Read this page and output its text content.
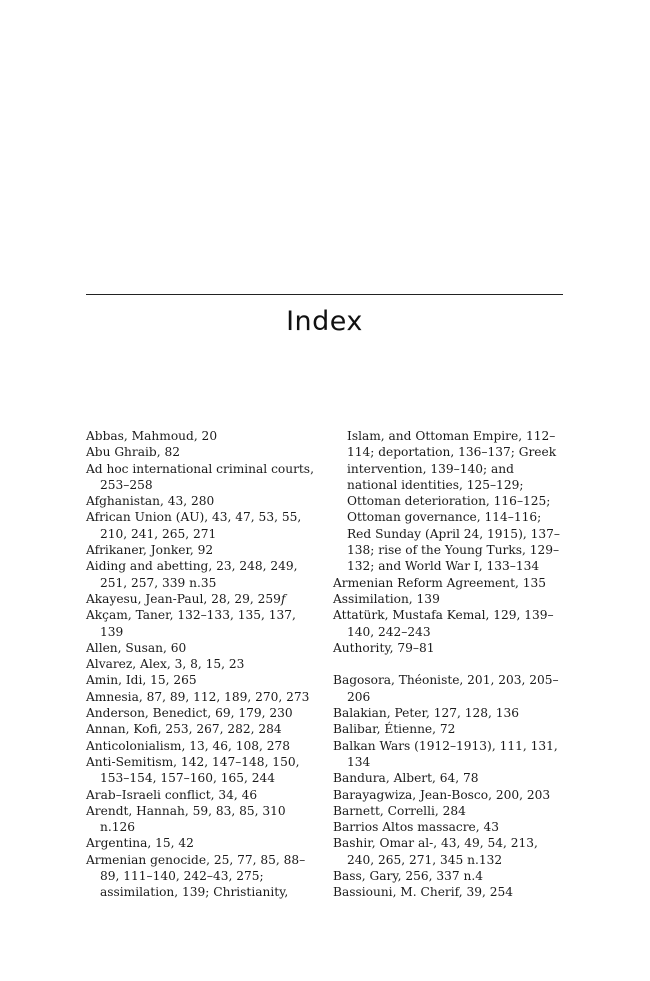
Index

Abbas, Mahmoud, 20

Abu Ghraib, 82

Ad hoc international criminal courts, 253–258

Afghanistan, 43, 280

African Union (AU), 43, 47, 53, 55, 210, 241, 265, 271

Afrikaner, Jonker, 92

Aiding and abetting, 23, 248, 249, 251, 257, 339 n.35

Akayesu, Jean-Paul, 28, 29, 259f

Akçam, Taner, 132–133, 135, 137, 139

Allen, Susan, 60

Alvarez, Alex, 3, 8, 15, 23

Amin, Idi, 15, 265

Amnesia, 87, 89, 112, 189, 270, 273

Anderson, Benedict, 69, 179, 230

Annan, Kofi, 253, 267, 282, 284

Anticolonialism, 13, 46, 108, 278

Anti-Semitism, 142, 147–148, 150, 153–154, 157–160, 165, 244

Arab–Israeli conflict, 34, 46

Arendt, Hannah, 59, 83, 85, 310 n.126

Argentina, 15, 42

Armenian genocide, 25, 77, 85, 88–89, 111–140, 242–43, 275; assimilation, 139; Christianity,

Islam, and Ottoman Empire, 112–114; deportation, 136–137; Greek intervention, 139–140; and national identities, 125–129; Ottoman deterioration, 116–125; Ottoman governance, 114–116; Red Sunday (April 24, 1915), 137–138; rise of the Young Turks, 129–132; and World War I, 133–134

Armenian Reform Agreement, 135

Assimilation, 139

Attatürk, Mustafa Kemal, 129, 139–140, 242–243

Authority, 79–81

Bagosora, Théoniste, 201, 203, 205–206

Balakian, Peter, 127, 128, 136

Balibar, Étienne, 72

Balkan Wars (1912–1913), 111, 131, 134

Bandura, Albert, 64, 78

Barayagwiza, Jean-Bosco, 200, 203

Barnett, Correlli, 284

Barrios Altos massacre, 43

Bashir, Omar al-, 43, 49, 54, 213, 240, 265, 271, 345 n.132

Bass, Gary, 256, 337 n.4

Bassiouni, M. Cherif, 39, 254
